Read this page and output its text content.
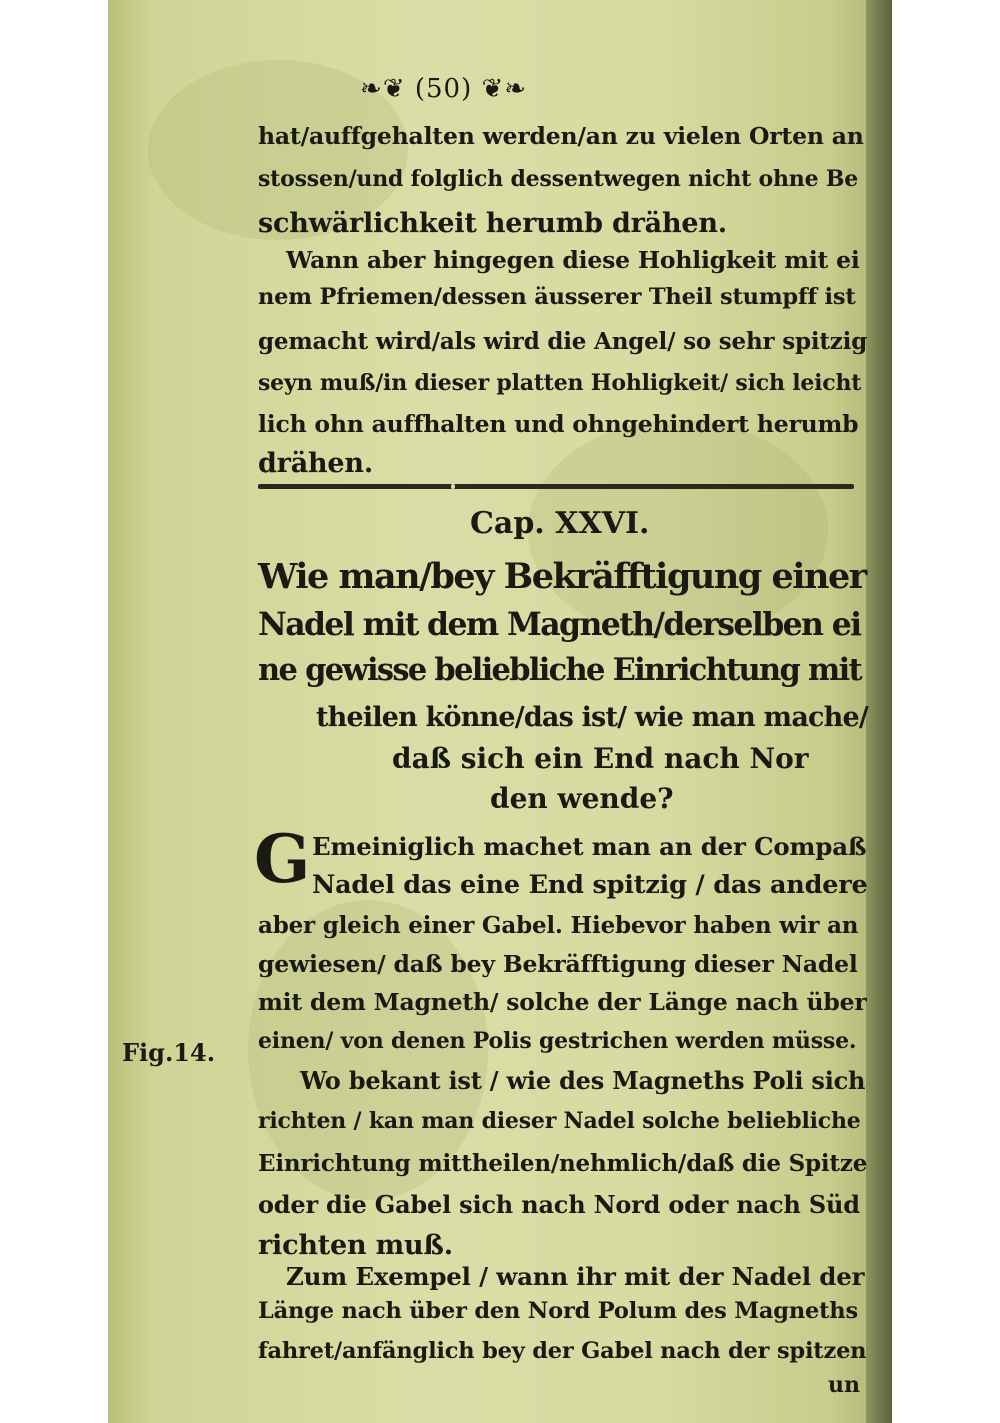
❧❦ (50) ❦❧
hat/auffgehalten werden/an zu vielen Orten an
stossen/und folglich dessentwegen nicht ohne Be
schwärlichkeit herumb drähen.
Wann aber hingegen diese Hohligkeit mit ei
nem Pfriemen/dessen äusserer Theil stumpff ist
gemacht wird/als wird die Angel/ so sehr spitzig
seyn muß/in dieser platten Hohligkeit/ sich leicht
lich ohn auffhalten und ohngehindert herumb
drähen.
Cap. XXVI.
Wie man/bey Bekräfftigung einer
Nadel mit dem Magneth/derselben ei
ne gewisse beliebliche Einrichtung mit
theilen könne/das ist/ wie man mache/
daß sich ein End nach Nor
den wende?
G Emeiniglich machet man an der Compaß
Nadel das eine End spitzig / das andere
aber gleich einer Gabel. Hiebevor haben wir an
gewiesen/ daß bey Bekräfftigung dieser Nadel
mit dem Magneth/ solche der Länge nach über
einen/ von denen Polis gestrichen werden müsse.
Wo bekant ist / wie des Magneths Poli sich
richten / kan man dieser Nadel solche beliebliche
Einrichtung mittheilen/nehmlich/daß die Spitze
oder die Gabel sich nach Nord oder nach Süd
richten muß.
Zum Exempel / wann ihr mit der Nadel der
Länge nach über den Nord Polum des Magneths
fahret/anfänglich bey der Gabel nach der spitzen
Fig.14.
un
